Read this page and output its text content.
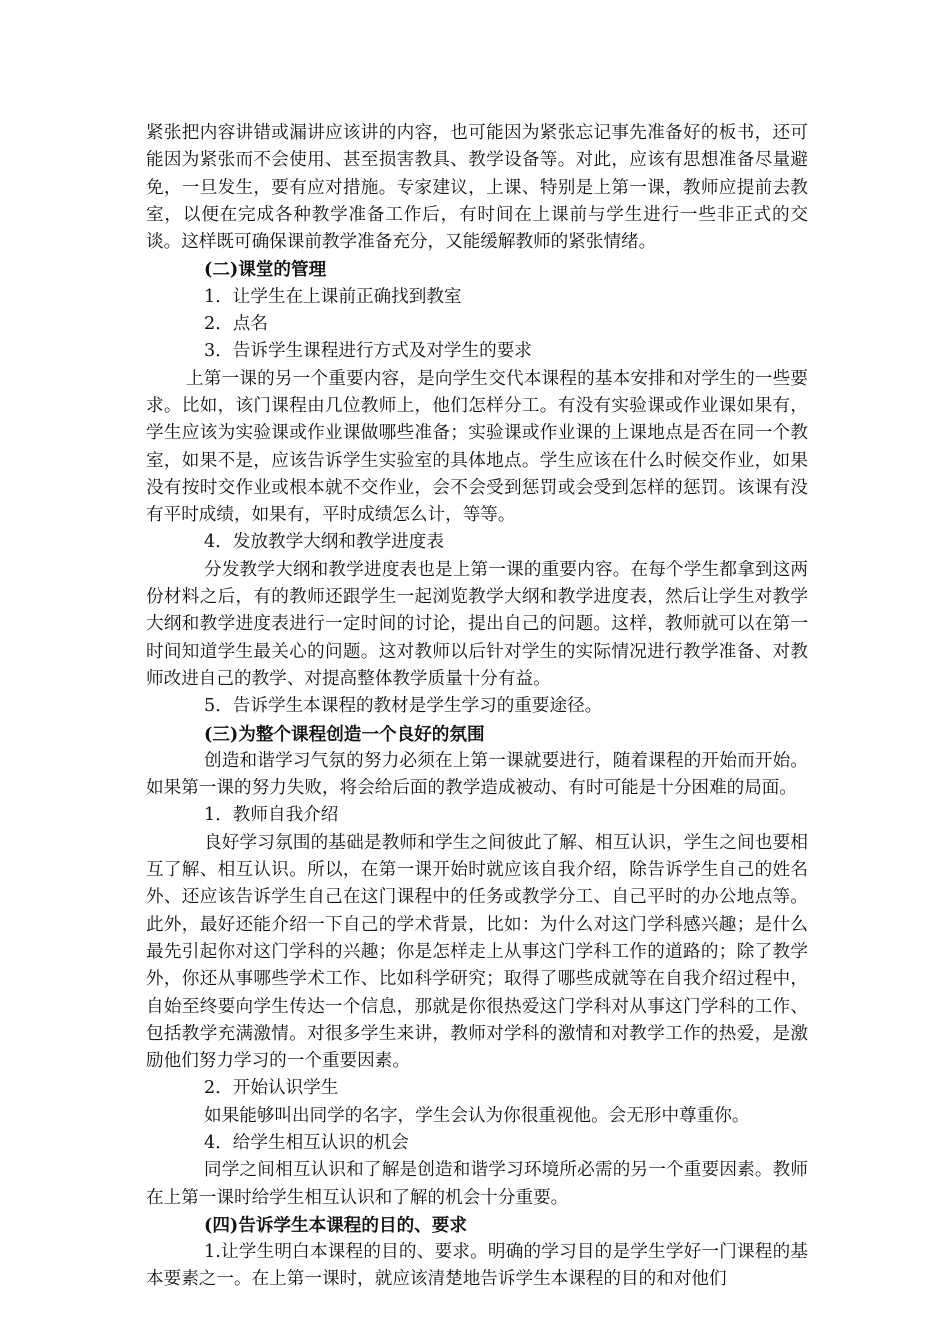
紧张把内容讲错或漏讲应该讲的内容，也可能因为紧张忘记事先准备好的板书，还可能因为紧张而不会使用、甚至损害教具、教学设备等。对此，应该有思想准备尽量避免，一旦发生，要有应对措施。专家建议，上课、特别是上第一课，教师应提前去教室，以便在完成各种教学准备工作后，有时间在上课前与学生进行一些非正式的交谈。这样既可确保课前教学准备充分，又能缓解教师的紧张情绪。

(二)课堂的管理

1．让学生在上课前正确找到教室

2．点名

3．告诉学生课程进行方式及对学生的要求

上第一课的另一个重要内容，是向学生交代本课程的基本安排和对学生的一些要求。比如，该门课程由几位教师上，他们怎样分工。有没有实验课或作业课如果有，学生应该为实验课或作业课做哪些准备；实验课或作业课的上课地点是否在同一个教室，如果不是，应该告诉学生实验室的具体地点。学生应该在什么时候交作业，如果没有按时交作业或根本就不交作业，会不会受到惩罚或会受到怎样的惩罚。该课有没有平时成绩，如果有，平时成绩怎么计，等等。

4．发放教学大纲和教学进度表

分发教学大纲和教学进度表也是上第一课的重要内容。在每个学生都拿到这两份材料之后，有的教师还跟学生一起浏览教学大纲和教学进度表，然后让学生对教学大纲和教学进度表进行一定时间的讨论，提出自己的问题。这样，教师就可以在第一时间知道学生最关心的问题。这对教师以后针对学生的实际情况进行教学准备、对教师改进自己的教学、对提高整体教学质量十分有益。

5．告诉学生本课程的教材是学生学习的重要途径。

(三)为整个课程创造一个良好的氛围

创造和谐学习气氛的努力必须在上第一课就要进行，随着课程的开始而开始。如果第一课的努力失败，将会给后面的教学造成被动、有时可能是十分困难的局面。

1．教师自我介绍

良好学习氛围的基础是教师和学生之间彼此了解、相互认识，学生之间也要相互了解、相互认识。所以，在第一课开始时就应该自我介绍，除告诉学生自己的姓名外、还应该告诉学生自己在这门课程中的任务或教学分工、自己平时的办公地点等。此外，最好还能介绍一下自己的学术背景，比如：为什么对这门学科感兴趣；是什么最先引起你对这门学科的兴趣；你是怎样走上从事这门学科工作的道路的；除了教学外，你还从事哪些学术工作、比如科学研究；取得了哪些成就等在自我介绍过程中，自始至终要向学生传达一个信息，那就是你很热爱这门学科对从事这门学科的工作、包括教学充满激情。对很多学生来讲，教师对学科的激情和对教学工作的热爱，是激励他们努力学习的一个重要因素。

2．开始认识学生

如果能够叫出同学的名字，学生会认为你很重视他。会无形中尊重你。

4．给学生相互认识的机会

同学之间相互认识和了解是创造和谐学习环境所必需的另一个重要因素。教师在上第一课时给学生相互认识和了解的机会十分重要。

(四)告诉学生本课程的目的、要求

1.让学生明白本课程的目的、要求。明确的学习目的是学生学好一门课程的基本要素之一。在上第一课时，就应该清楚地告诉学生本课程的目的和对他们
